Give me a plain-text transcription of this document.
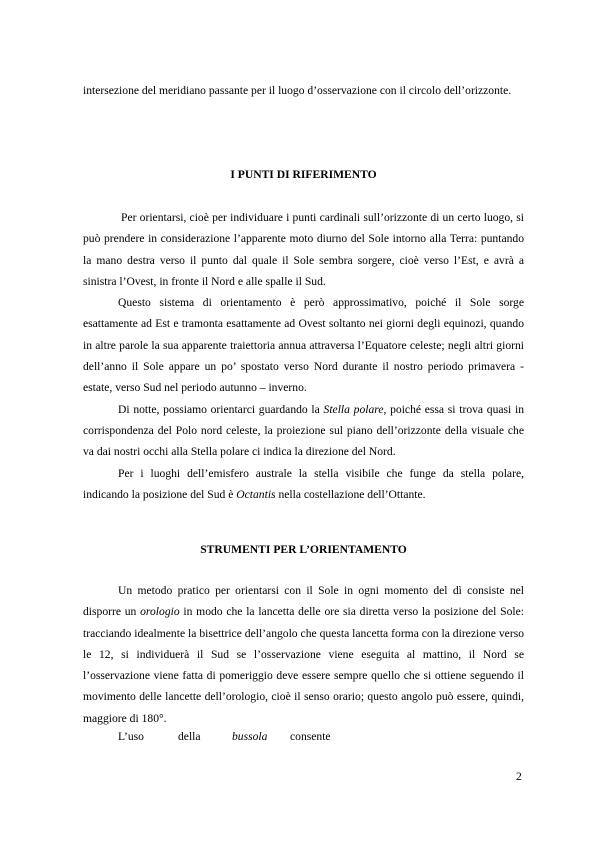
intersezione del meridiano passante per il luogo d’osservazione con il circolo dell’orizzonte.

I PUNTI DI RIFERIMENTO

Per orientarsi, cioè per individuare i punti cardinali sull’orizzonte di un certo luogo, si può prendere in considerazione l’apparente moto diurno del Sole intorno alla Terra: puntando la mano destra verso il punto dal quale il Sole sembra sorgere, cioè verso l’Est, e avrà a sinistra l’Ovest, in fronte il Nord e alle spalle il Sud.

Questo sistema di orientamento è però approssimativo, poiché il Sole sorge esattamente ad Est e tramonta esattamente ad Ovest soltanto nei giorni degli equinozi, quando in altre parole la sua apparente traiettoria annua attraversa l’Equatore celeste; negli altri giorni dell’anno il Sole appare un po’ spostato verso Nord durante il nostro periodo primavera - estate, verso Sud nel periodo autunno – inverno.

Di notte, possiamo orientarci guardando la Stella polare, poiché essa si trova quasi in corrispondenza del Polo nord celeste, la proiezione sul piano dell’orizzonte della visuale che va dai nostri occhi alla Stella polare ci indica la direzione del Nord.

Per i luoghi dell’emisfero australe la stella visibile che funge da stella polare, indicando la posizione del Sud è Octantis nella costellazione dell’Ottante.

STRUMENTI PER L’ORIENTAMENTO

Un metodo pratico per orientarsi con il Sole in ogni momento del dì consiste nel disporre un orologio in modo che la lancetta delle ore sia diretta verso la posizione del Sole: tracciando idealmente la bisettrice dell’angolo che questa lancetta forma con la direzione verso le 12, si individuerà il Sud se l’osservazione viene eseguita al mattino, il Nord se l’osservazione viene fatta di pomeriggio deve essere sempre quello che si ottiene seguendo il movimento delle lancette dell’orologio, cioè il senso orario; questo angolo può essere, quindi, maggiore di 180°.

L’uso	della	bussola consente
2
